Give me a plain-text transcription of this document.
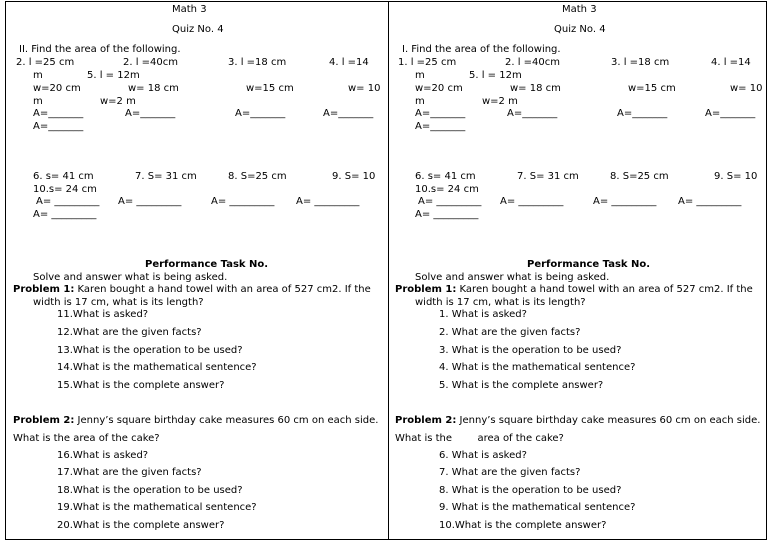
Math 3
Quiz No. 4
II. Find the area of the following.
2. l =25 cm	2. l =40cm	3. l =18 cm	4. l =14
m	5. l = 12m
w=20 cm	w= 18 cm	w=15 cm	w= 10
m	w=2 m
A=_______	A=_______	A=_______	A=_______
A=_______
6. s= 41 cm	7. S= 31 cm	8. S=25 cm	9. S= 10
10.s= 24 cm
A= _________ A= _________	A= _________ A= _________
A= _________
Performance Task No.
Solve and answer what is being asked.
Problem 1: Karen bought a hand towel with an area of 527 cm2. If the
width is 17 cm, what is its length?
11.What is asked?
12.What are the given facts?
13.What is the operation to be used?
14.What is the mathematical sentence?
15.What is the complete answer?
Problem 2: Jenny’s square birthday cake measures 60 cm on each side.
What is the area of the cake?
16.What is asked?
17.What are the given facts?
18.What is the operation to be used?
19.What is the mathematical sentence?
20.What is the complete answer?
Math 3
Quiz No. 4
I. Find the area of the following.
1. l =25 cm	2. l =40cm	3. l =18 cm	4. l =14
m	5. l = 12m
w=20 cm	w= 18 cm	w=15 cm	w= 10
m	w=2 m
A=_______	A=_______	A=_______	A=_______
A=_______
6. s= 41 cm	7. S= 31 cm	8. S=25 cm	9. S= 10
10.s= 24 cm
A= _________ A= _________	A= _________ A= _________
A= _________
Performance Task No.
Solve and answer what is being asked.
Problem 1: Karen bought a hand towel with an area of 527 cm2. If the
width is 17 cm, what is its length?
1. What is asked?
2. What are the given facts?
3. What is the operation to be used?
4. What is the mathematical sentence?
5. What is the complete answer?
Problem 2: Jenny’s square birthday cake measures 60 cm on each side.
What is the        area of the cake?
6. What is asked?
7. What are the given facts?
8. What is the operation to be used?
9. What is the mathematical sentence?
10.What is the complete answer?
